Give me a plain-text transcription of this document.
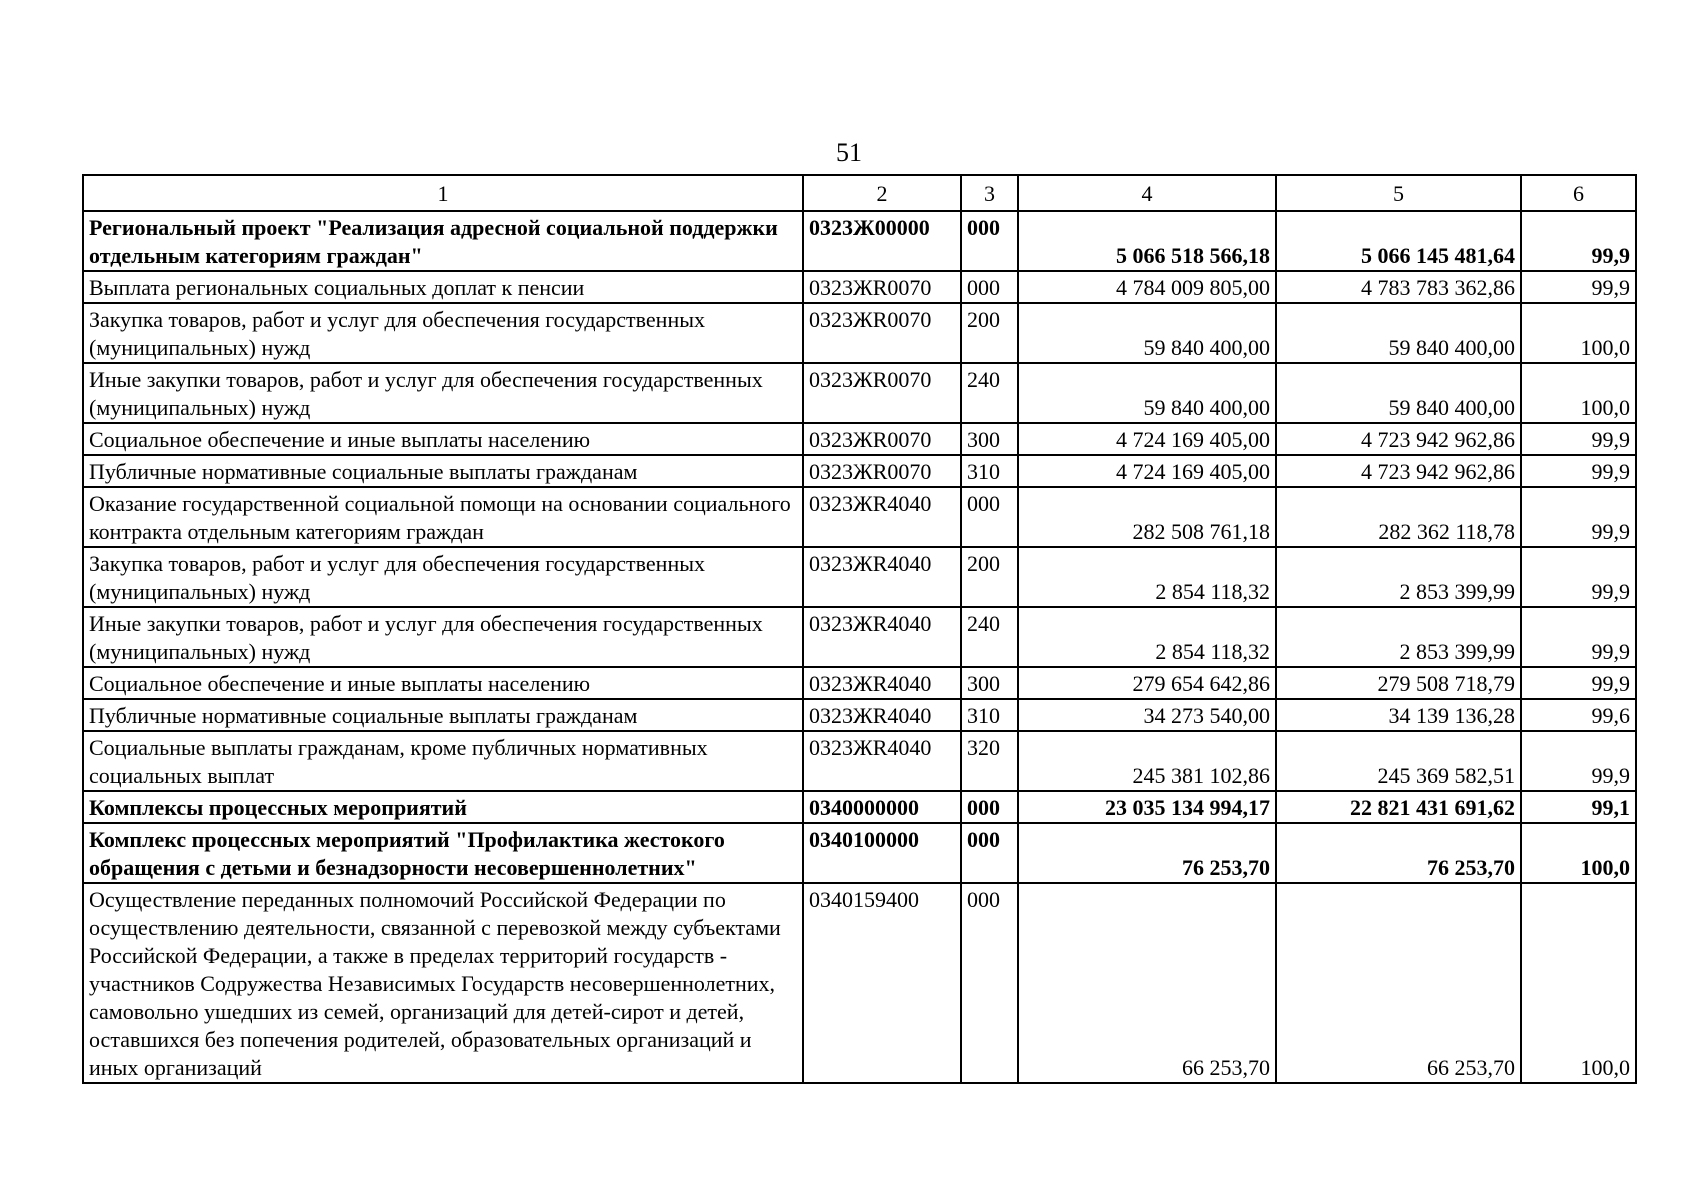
51
1	2	3	4	5	6
Региональный проект "Реализация адресной социальной поддержки отдельным категориям граждан"	0323Ж00000	000	5 066 518 566,18	5 066 145 481,64	99,9
Выплата региональных социальных доплат к пенсии	0323ЖR0070	000	4 784 009 805,00	4 783 783 362,86	99,9
Закупка товаров, работ и услуг для обеспечения государственных (муниципальных) нужд	0323ЖR0070	200	59 840 400,00	59 840 400,00	100,0
Иные закупки товаров, работ и услуг для обеспечения государственных (муниципальных) нужд	0323ЖR0070	240	59 840 400,00	59 840 400,00	100,0
Социальное обеспечение и иные выплаты населению	0323ЖR0070	300	4 724 169 405,00	4 723 942 962,86	99,9
Публичные нормативные социальные выплаты гражданам	0323ЖR0070	310	4 724 169 405,00	4 723 942 962,86	99,9
Оказание государственной социальной помощи на основании социального контракта отдельным категориям граждан	0323ЖR4040	000	282 508 761,18	282 362 118,78	99,9
Закупка товаров, работ и услуг для обеспечения государственных (муниципальных) нужд	0323ЖR4040	200	2 854 118,32	2 853 399,99	99,9
Иные закупки товаров, работ и услуг для обеспечения государственных (муниципальных) нужд	0323ЖR4040	240	2 854 118,32	2 853 399,99	99,9
Социальное обеспечение и иные выплаты населению	0323ЖR4040	300	279 654 642,86	279 508 718,79	99,9
Публичные нормативные социальные выплаты гражданам	0323ЖR4040	310	34 273 540,00	34 139 136,28	99,6
Социальные выплаты гражданам, кроме публичных нормативных социальных выплат	0323ЖR4040	320	245 381 102,86	245 369 582,51	99,9
Комплексы процессных мероприятий	0340000000	000	23 035 134 994,17	22 821 431 691,62	99,1
Комплекс процессных мероприятий "Профилактика жестокого обращения с детьми и безнадзорности несовершеннолетних"	0340100000	000	76 253,70	76 253,70	100,0
Осуществление переданных полномочий Российской Федерации по осуществлению деятельности, связанной с перевозкой между субъектами Российской Федерации, а также в пределах территорий государств - участников Содружества Независимых Государств несовершеннолетних, самовольно ушедших из семей, организаций для детей-сирот и детей, оставшихся без попечения родителей, образовательных организаций и иных организаций	0340159400	000	66 253,70	66 253,70	100,0
